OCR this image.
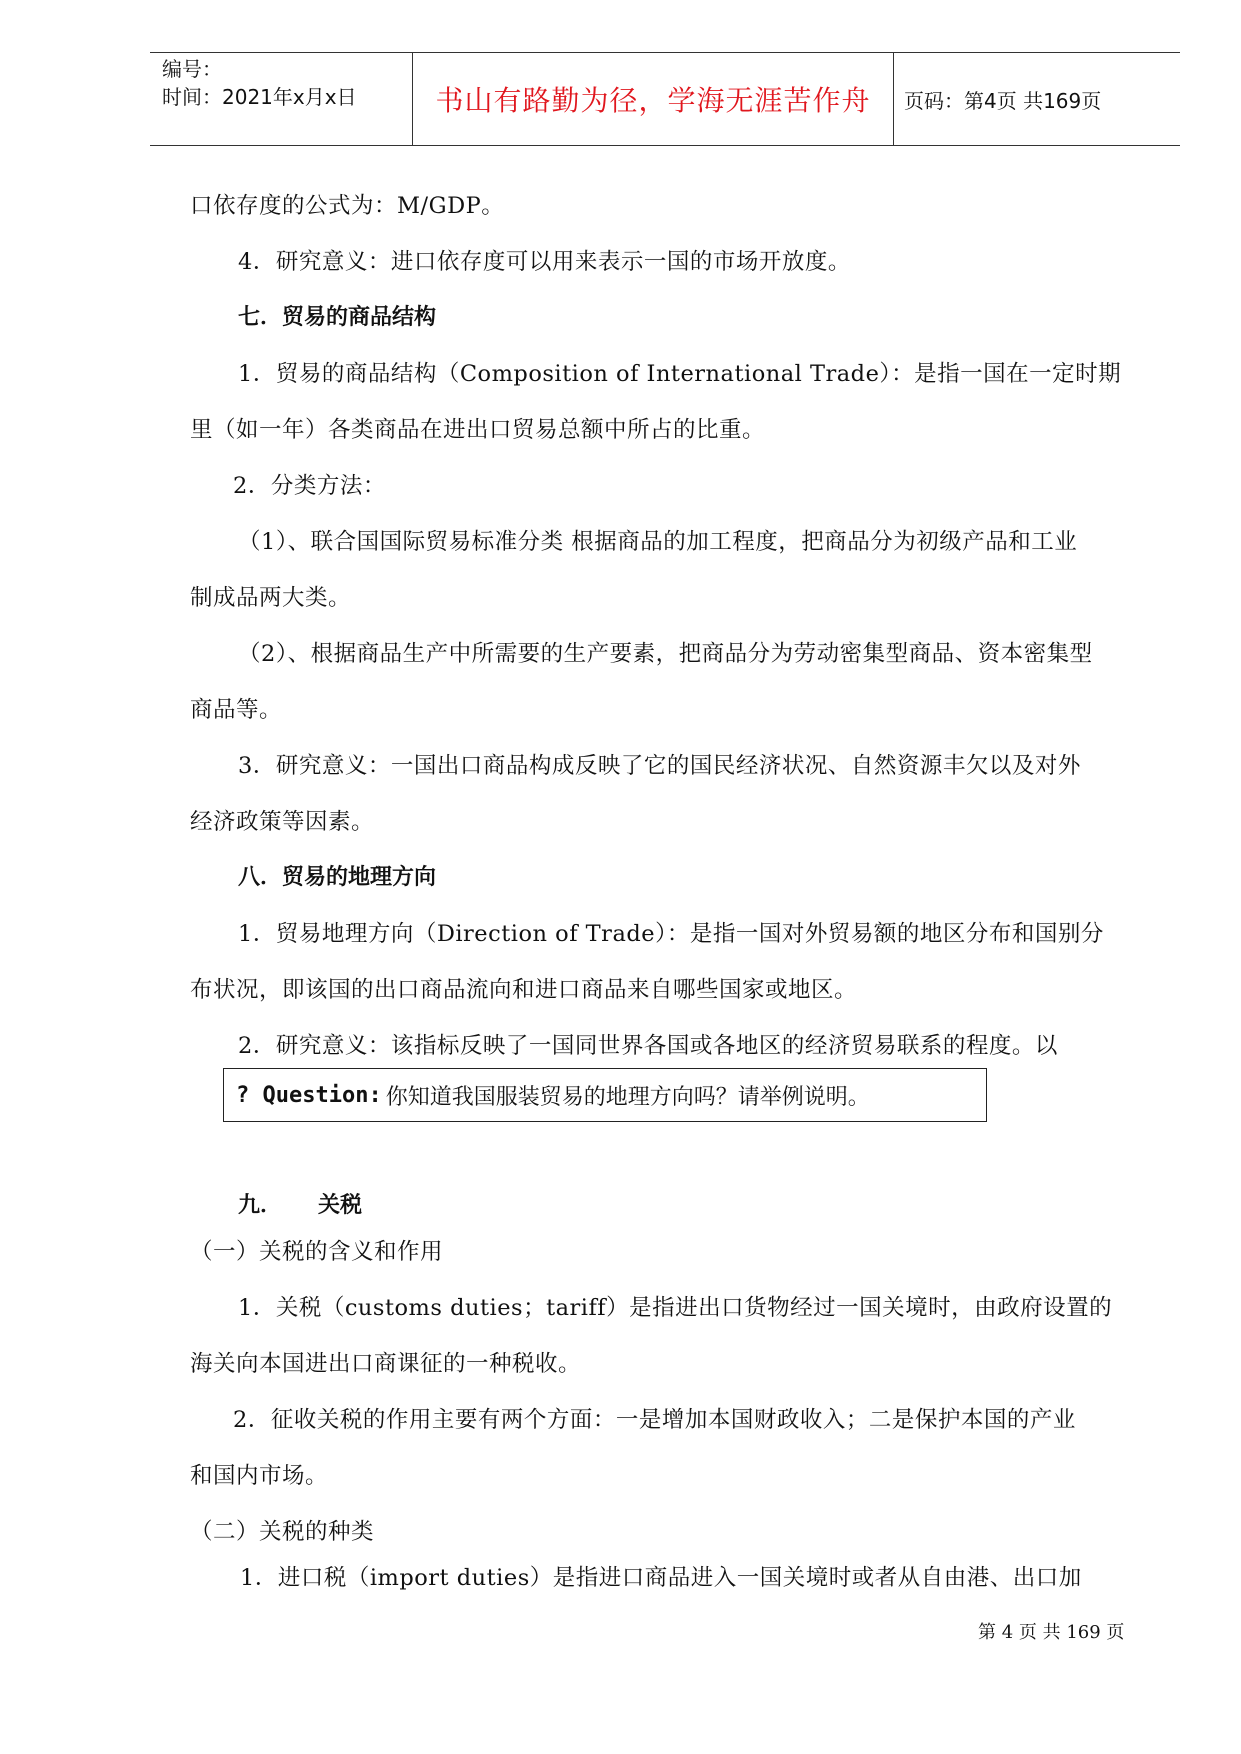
编号：
时间：2021年x月x日	书山有路勤为径，学海无涯苦作舟	页码：第4页 共169页
口依存度的公式为：M/GDP。
4．研究意义：进口依存度可以用来表示一国的市场开放度。
七．贸易的商品结构
1．贸易的商品结构（Composition of International Trade）：是指一国在一定时期
里（如一年）各类商品在进出口贸易总额中所占的比重。
2．分类方法：
（1）、联合国国际贸易标准分类 根据商品的加工程度，把商品分为初级产品和工业
制成品两大类。
（2）、根据商品生产中所需要的生产要素，把商品分为劳动密集型商品、资本密集型
商品等。
3．研究意义：一国出口商品构成反映了它的国民经济状况、自然资源丰欠以及对外
经济政策等因素。
八．贸易的地理方向
1．贸易地理方向（Direction of Trade）：是指一国对外贸易额的地区分布和国别分
布状况，即该国的出口商品流向和进口商品来自哪些国家或地区。
2．研究意义：该指标反映了一国同世界各国或各地区的经济贸易联系的程度。以
? Question: 你知道我国服装贸易的地理方向吗？请举例说明。
九． 关税
（一）关税的含义和作用
1．关税（customs duties；tariff）是指进出口货物经过一国关境时，由政府设置的
海关向本国进出口商课征的一种税收。
2．征收关税的作用主要有两个方面：一是增加本国财政收入；二是保护本国的产业
和国内市场。
（二）关税的种类
1．进口税（import duties）是指进口商品进入一国关境时或者从自由港、出口加
第 4 页 共 169 页
